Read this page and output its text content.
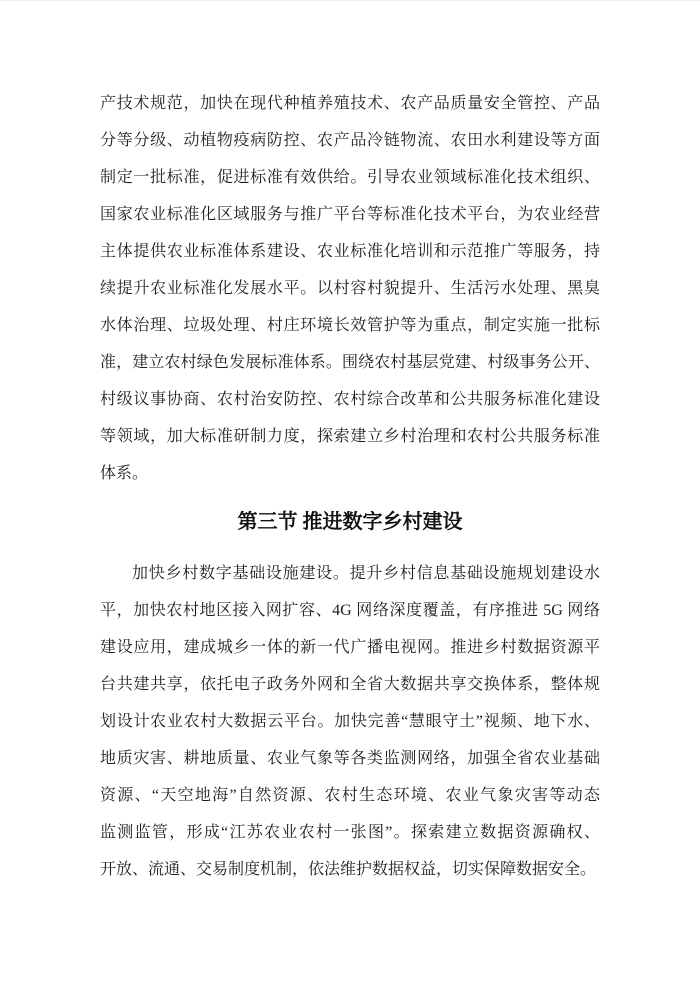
产技术规范，加快在现代种植养殖技术、农产品质量安全管控、产品
分等分级、动植物疫病防控、农产品冷链物流、农田水利建设等方面
制定一批标准，促进标准有效供给。引导农业领域标准化技术组织、
国家农业标准化区域服务与推广平台等标准化技术平台，为农业经营
主体提供农业标准体系建设、农业标准化培训和示范推广等服务，持
续提升农业标准化发展水平。以村容村貌提升、生活污水处理、黑臭
水体治理、垃圾处理、村庄环境长效管护等为重点，制定实施一批标
准，建立农村绿色发展标准体系。围绕农村基层党建、村级事务公开、
村级议事协商、农村治安防控、农村综合改革和公共服务标准化建设
等领域，加大标准研制力度，探索建立乡村治理和农村公共服务标准
体系。
第三节 推进数字乡村建设
加快乡村数字基础设施建设。提升乡村信息基础设施规划建设水
平，加快农村地区接入网扩容、4G 网络深度覆盖，有序推进 5G 网络
建设应用，建成城乡一体的新一代广播电视网。推进乡村数据资源平
台共建共享，依托电子政务外网和全省大数据共享交换体系，整体规
划设计农业农村大数据云平台。加快完善“慧眼守土”视频、地下水、
地质灾害、耕地质量、农业气象等各类监测网络，加强全省农业基础
资源、“天空地海”自然资源、农村生态环境、农业气象灾害等动态
监测监管，形成“江苏农业农村一张图”。探索建立数据资源确权、
开放、流通、交易制度机制，依法维护数据权益，切实保障数据安全。
